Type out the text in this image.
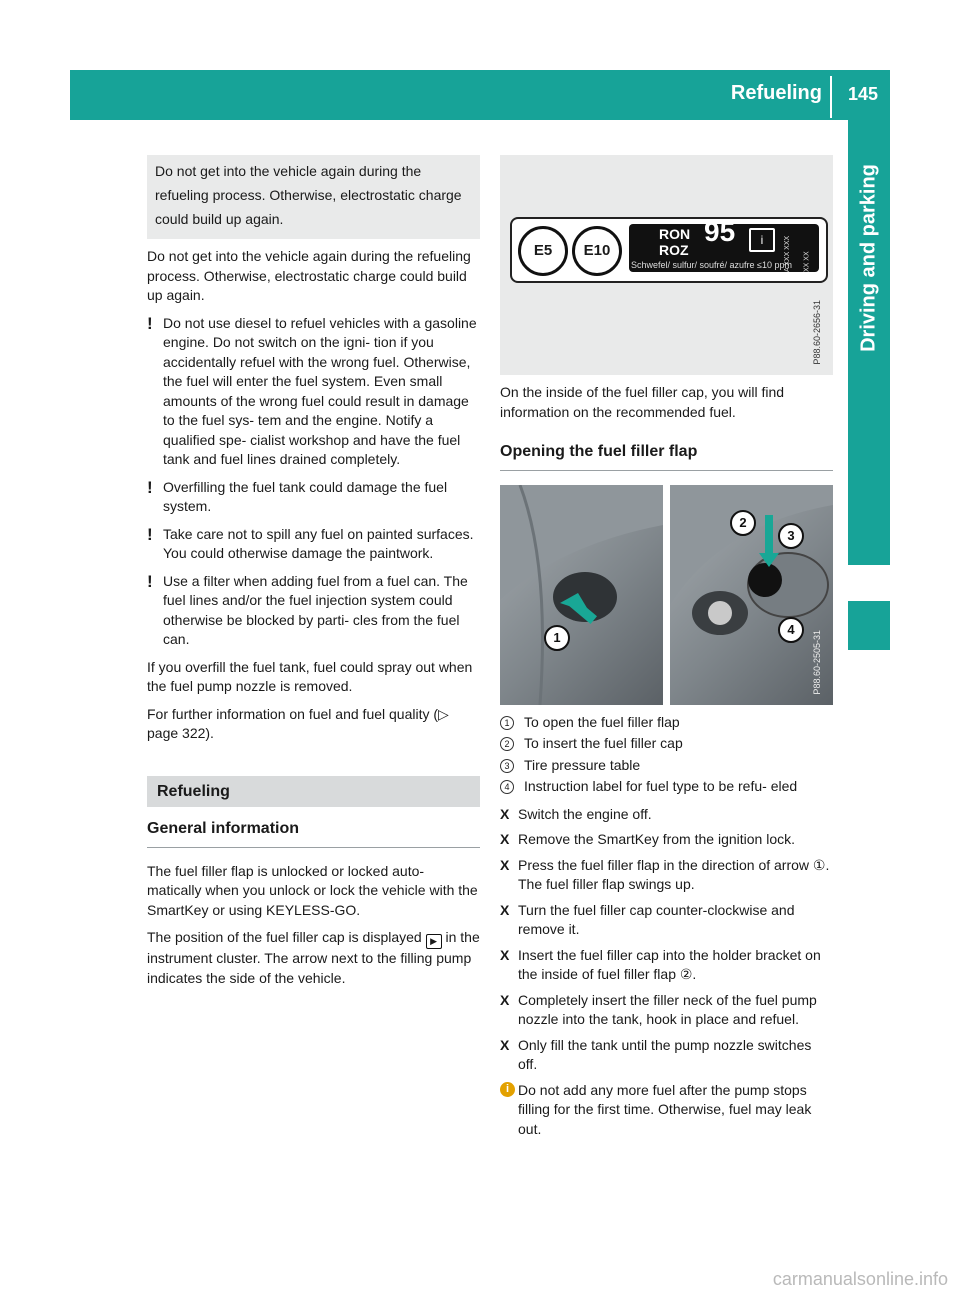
Refueling 145
Driving and parking
Do not get into the vehicle again during the refueling process. Otherwise, electrostatic charge could build up again.

Do not get into the vehicle again during the refueling process. Otherwise, electrostatic charge could build up again.

! Do not use diesel to refuel vehicles with a gasoline engine. Do not switch on the igni- tion if you accidentally refuel with the wrong fuel. Otherwise, the fuel will enter the fuel system. Even small amounts of the wrong fuel could result in damage to the fuel sys- tem and the engine. Notify a qualified spe- cialist workshop and have the fuel tank and fuel lines drained completely.
! Overfilling the fuel tank could damage the fuel system.
! Take care not to spill any fuel on painted surfaces. You could otherwise damage the paintwork.
! Use a filter when adding fuel from a fuel can. The fuel lines and/or the fuel injection system could otherwise be blocked by parti- cles from the fuel can.

If you overfill the fuel tank, fuel could spray out when the fuel pump nozzle is removed.

For further information on fuel and fuel quality (▷ page 322).

Refueling
General information

The fuel filler flap is unlocked or locked auto- matically when you unlock or lock the vehicle with the SmartKey or using KEYLESS-GO.

The position of the fuel filler cap is displayed ▶ in the instrument cluster. The arrow next to the filling pump indicates the side of the vehicle.

E5	E10
RON
ROZ
95	i
Schwefel/ sulfur/ soufré/ azufre ≤10 ppm
A XXX XXX XX XX
P88.60-2656-31

On the inside of the fuel filler cap, you will find information on the recommended fuel.

Opening the fuel filler flap
1
2
3
4
P88.60-2505-31
1	To open the fuel filler flap
2	To insert the fuel filler cap
3	Tire pressure table
4	Instruction label for fuel type to be refu- eled
X Switch the engine off.
X Remove the SmartKey from the ignition lock.
X Press the fuel filler flap in the direction of arrow ①. The fuel filler flap swings up.
X Turn the fuel filler cap counter-clockwise and remove it.
X Insert the fuel filler cap into the holder bracket on the inside of fuel filler flap ②.
X Completely insert the filler neck of the fuel pump nozzle into the tank, hook in place and refuel.
X Only fill the tank until the pump nozzle switches off.
i Do not add any more fuel after the pump stops filling for the first time. Otherwise, fuel may leak out.
carmanualsonline.info
